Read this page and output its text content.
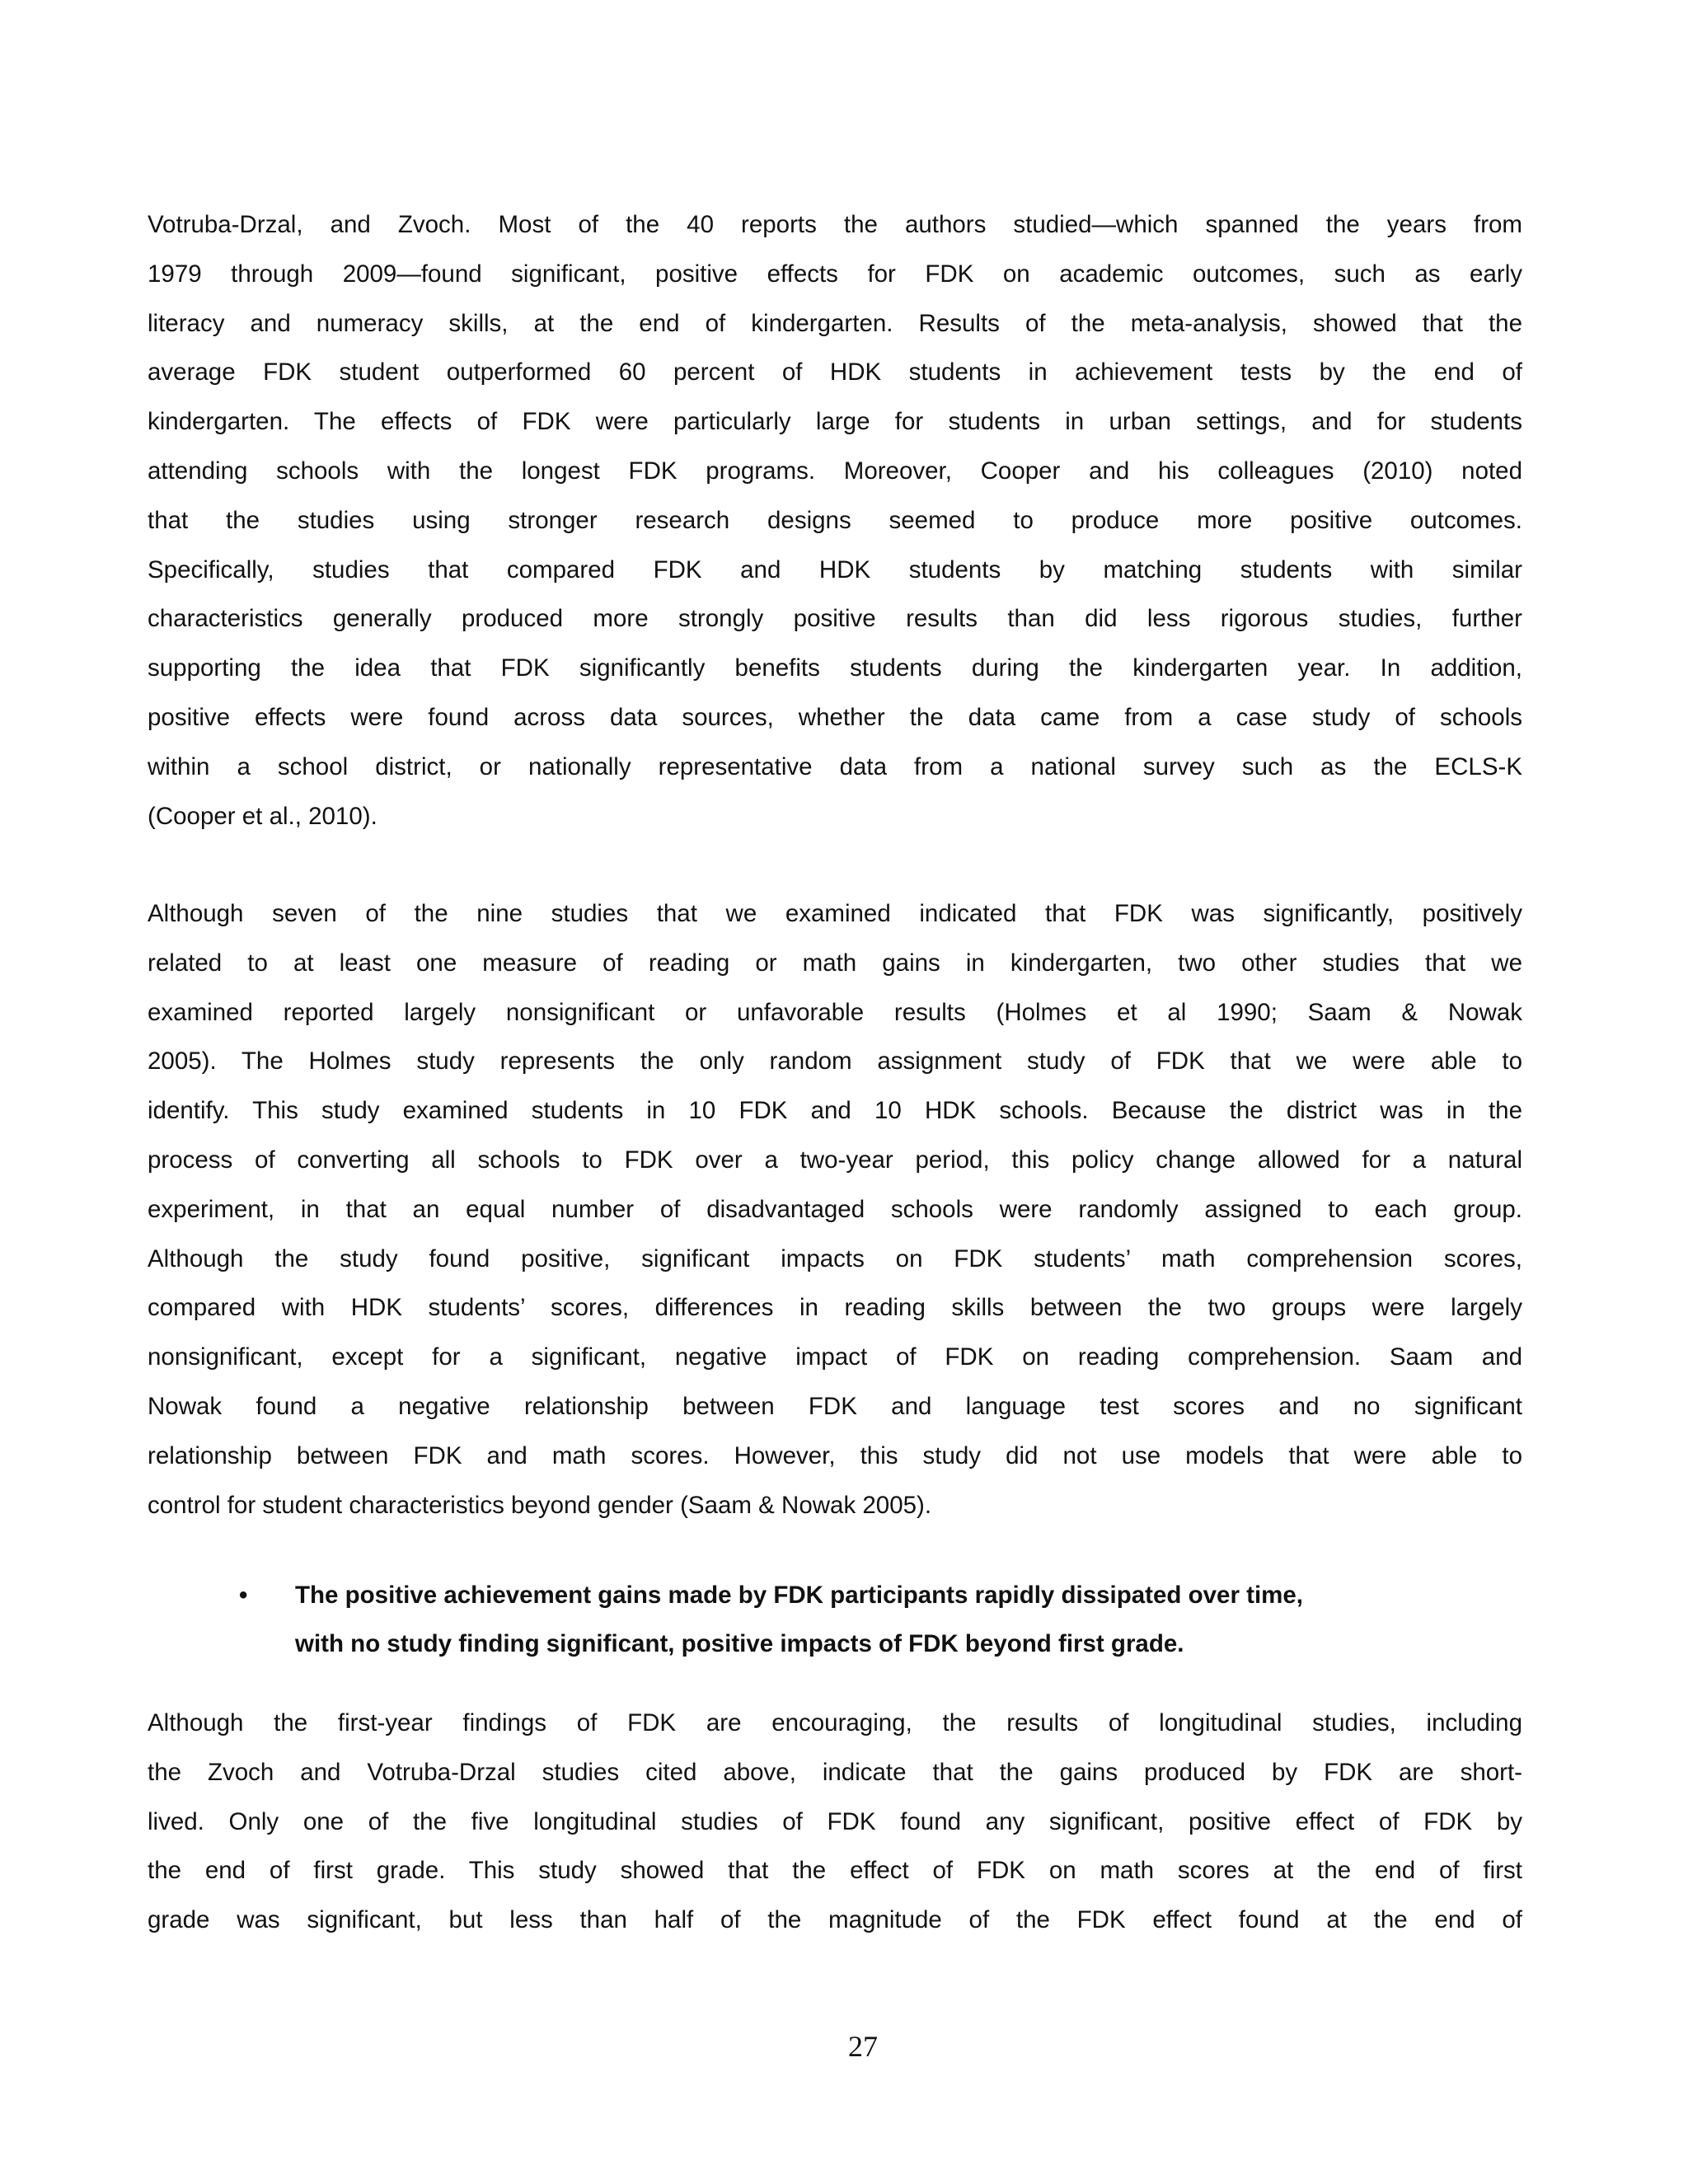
Votruba-Drzal, and Zvoch. Most of the 40 reports the authors studied—which spanned the years from
1979 through 2009—found significant, positive effects for FDK on academic outcomes, such as early
literacy and numeracy skills, at the end of kindergarten. Results of the meta-analysis, showed that the
average FDK student outperformed 60 percent of HDK students in achievement tests by the end of
kindergarten. The effects of FDK were particularly large for students in urban settings, and for students
attending schools with the longest FDK programs. Moreover, Cooper and his colleagues (2010) noted
that the studies using stronger research designs seemed to produce more positive outcomes.
Specifically, studies that compared FDK and HDK students by matching students with similar
characteristics generally produced more strongly positive results than did less rigorous studies, further
supporting the idea that FDK significantly benefits students during the kindergarten year. In addition,
positive effects were found across data sources, whether the data came from a case study of schools
within a school district, or nationally representative data from a national survey such as the ECLS-K
(Cooper et al., 2010).
Although seven of the nine studies that we examined indicated that FDK was significantly, positively
related to at least one measure of reading or math gains in kindergarten, two other studies that we
examined reported largely nonsignificant or unfavorable results (Holmes et al 1990; Saam & Nowak
2005). The Holmes study represents the only random assignment study of FDK that we were able to
identify. This study examined students in 10 FDK and 10 HDK schools. Because the district was in the
process of converting all schools to FDK over a two-year period, this policy change allowed for a natural
experiment, in that an equal number of disadvantaged schools were randomly assigned to each group.
Although the study found positive, significant impacts on FDK students’ math comprehension scores,
compared with HDK students’ scores, differences in reading skills between the two groups were largely
nonsignificant, except for a significant, negative impact of FDK on reading comprehension. Saam and
Nowak found a negative relationship between FDK and language test scores and no significant
relationship between FDK and math scores. However, this study did not use models that were able to
control for student characteristics beyond gender (Saam & Nowak 2005).
• The positive achievement gains made by FDK participants rapidly dissipated over time,
with no study finding significant, positive impacts of FDK beyond first grade.
Although the first-year findings of FDK are encouraging, the results of longitudinal studies, including
the Zvoch and Votruba-Drzal studies cited above, indicate that the gains produced by FDK are short-
lived. Only one of the five longitudinal studies of FDK found any significant, positive effect of FDK by
the end of first grade. This study showed that the effect of FDK on math scores at the end of first
grade was significant, but less than half of the magnitude of the FDK effect found at the end of
27
